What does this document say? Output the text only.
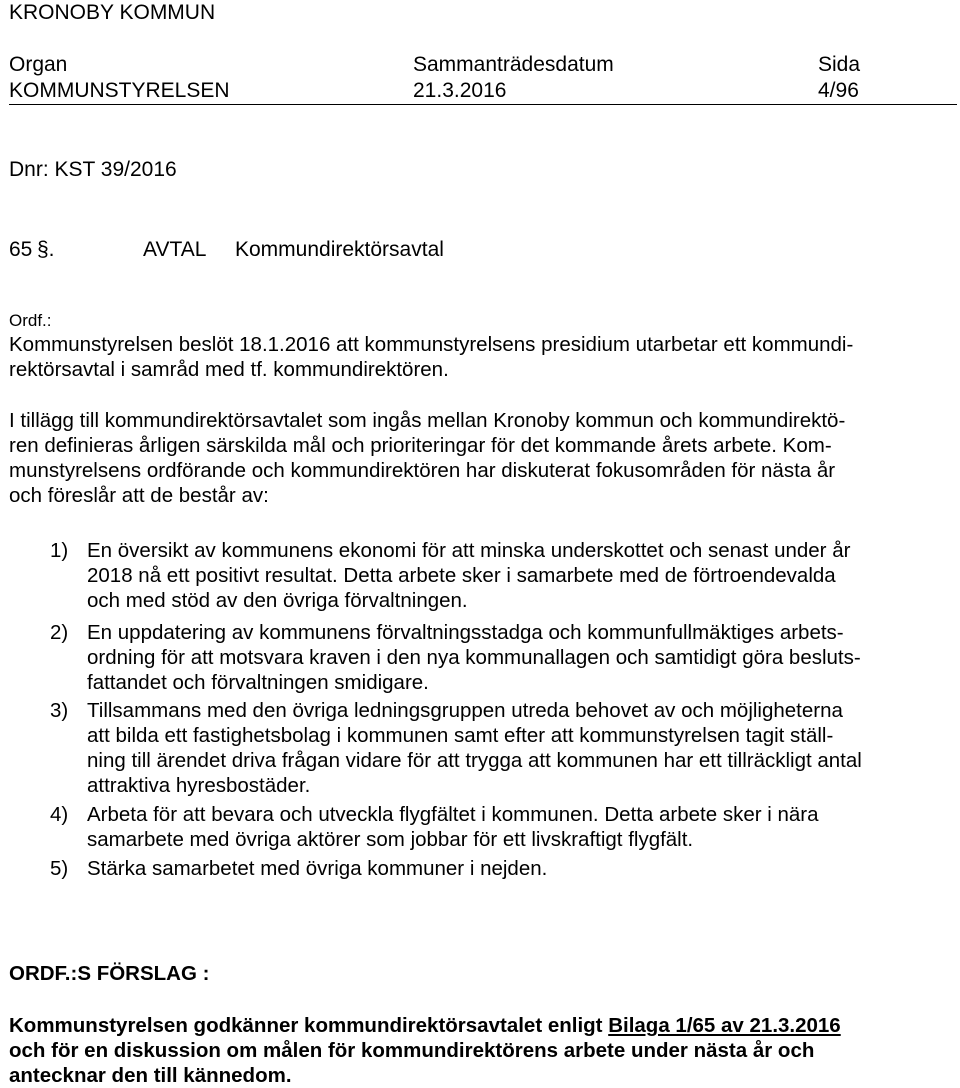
KRONOBY KOMMUN
Organ
KOMMUNSTYRELSEN
Sammanträdesdatum
21.3.2016
Sida
4/96
Dnr: KST 39/2016
65 §.	AVTAL Kommundirektörsavtal
Ordf.:
Kommunstyrelsen beslöt 18.1.2016 att kommunstyrelsens presidium utarbetar ett kommundi-
rektörsavtal i samråd med tf. kommundirektören.
I tillägg till kommundirektörsavtalet som ingås mellan Kronoby kommun och kommundirektö-
ren definieras årligen särskilda mål och prioriteringar för det kommande årets arbete. Kom-
munstyrelsens ordförande och kommundirektören har diskuterat fokusområden för nästa år
och föreslår att de består av:
1) En översikt av kommunens ekonomi för att minska underskottet och senast under år
2018 nå ett positivt resultat. Detta arbete sker i samarbete med de förtroendevalda
och med stöd av den övriga förvaltningen.
2) En uppdatering av kommunens förvaltningsstadga och kommunfullmäktiges arbets-
ordning för att motsvara kraven i den nya kommunallagen och samtidigt göra besluts-
fattandet och förvaltningen smidigare.
3) Tillsammans med den övriga ledningsgruppen utreda behovet av och möjligheterna
att bilda ett fastighetsbolag i kommunen samt efter att kommunstyrelsen tagit ställ-
ning till ärendet driva frågan vidare för att trygga att kommunen har ett tillräckligt antal
attraktiva hyresbostäder.
4) Arbeta för att bevara och utveckla flygfältet i kommunen. Detta arbete sker i nära
samarbete med övriga aktörer som jobbar för ett livskraftigt flygfält.
5) Stärka samarbetet med övriga kommuner i nejden.
ORDF.:S FÖRSLAG :
Kommunstyrelsen godkänner kommundirektörsavtalet enligt Bilaga 1/65 av 21.3.2016
och för en diskussion om målen för kommundirektörens arbete under nästa år och
antecknar den till kännedom.
